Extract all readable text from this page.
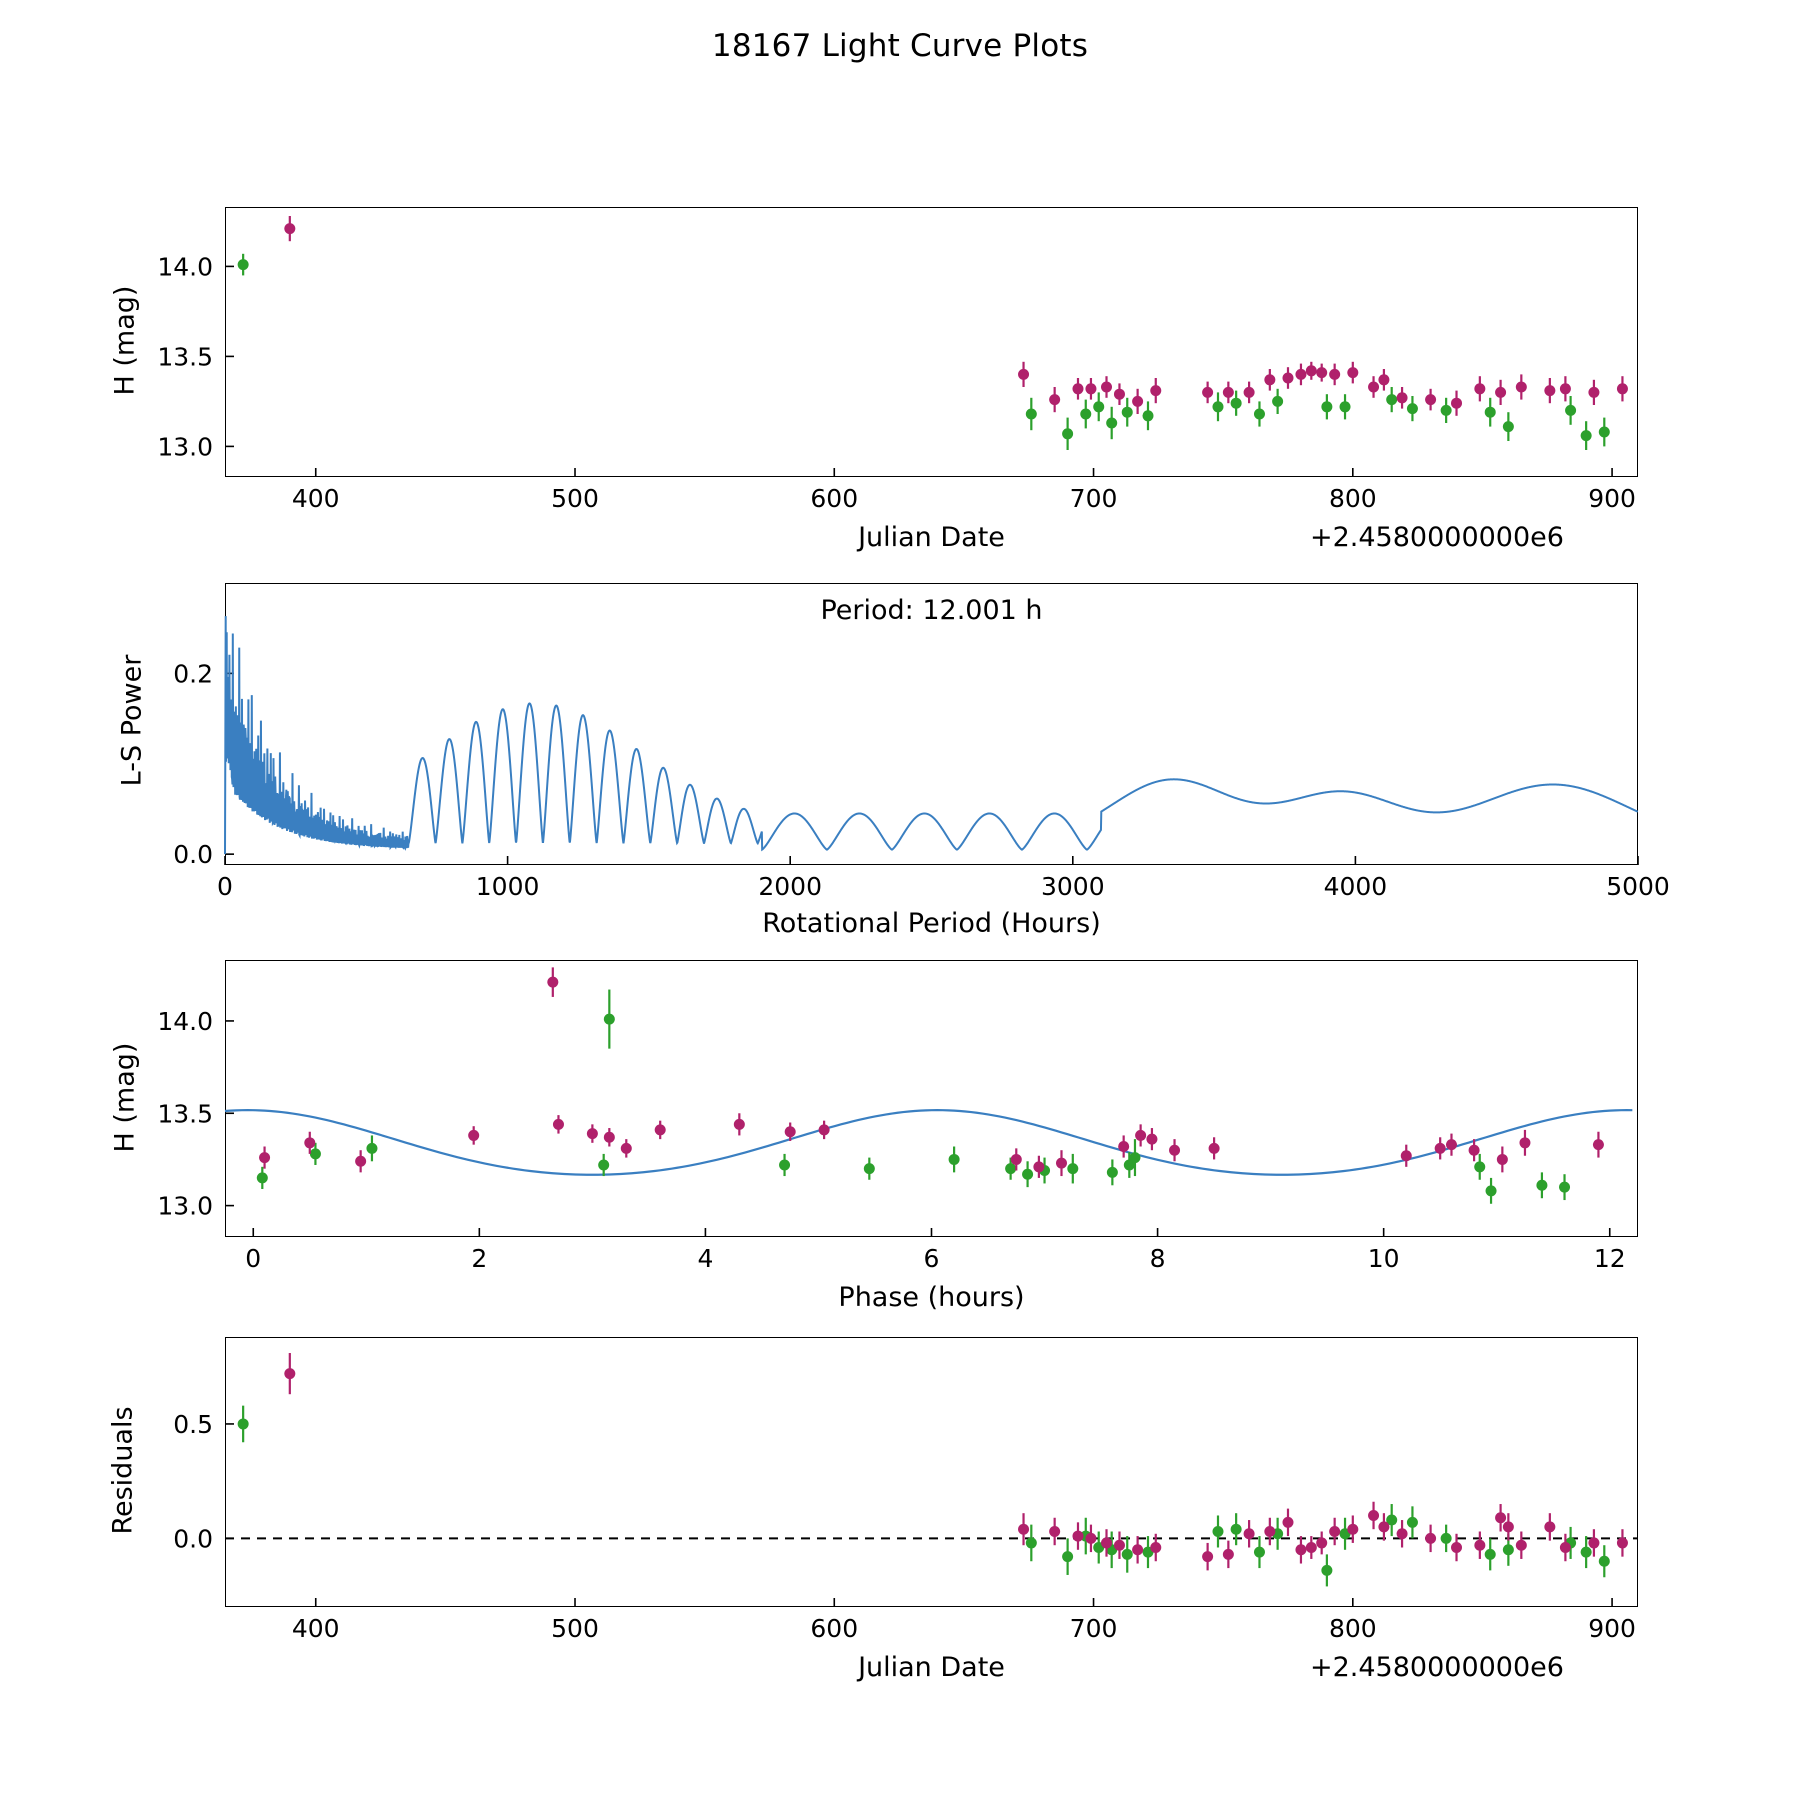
18167 Light Curve Plots
400	500	600	700	800	900
13.0
13.5
14.0
H (mag)
Julian Date	+2.4580000000e6
0	1000	2000	3000	4000	5000
0.0
0.2
L-S Power
Rotational Period (Hours)
Period: 12.001 h
0	2	4	6	8	10	12
13.0
13.5
14.0
H (mag)
Phase (hours)
400	500	600	700	800	900
0.0
0.5
Residuals
Julian Date	+2.4580000000e6
